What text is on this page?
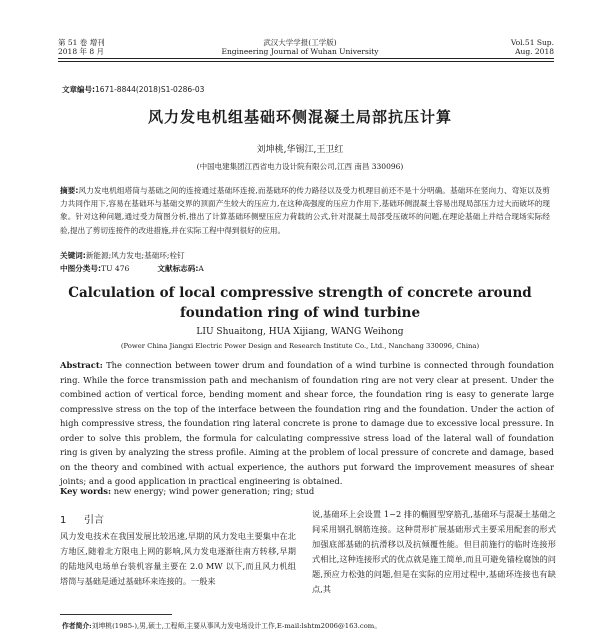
第 51 卷 增刊
2018 年 8 月
武汉大学学报(工学版)
Engineering Journal of Wuhan University
Vol.51 Sup.
Aug. 2018
文章编号:1671-8844(2018)S1-0286-03
风力发电机组基础环侧混凝土局部抗压计算
刘坤桃,华锡江,王卫红
(中国电建集团江西省电力设计院有限公司,江西 南昌 330096)
摘要:风力发电机组塔筒与基础之间的连接通过基础环连接,而基础环的传力路径以及受力机理目前还不是十分明确。基础环在竖向力、弯矩以及剪力共同作用下,容易在基础环与基础交界的顶面产生较大的压应力,在这种高强度的压应力作用下,基础环侧混凝土容易出现局部压力过大而破坏的现象。针对这种问题,通过受力简图分析,推出了计算基础环侧壁压应力荷载的公式,针对混凝土局部受压破坏的问题,在理论基础上并结合现场实际经验,提出了剪切连接件的改进措施,并在实际工程中得到很好的应用。
关键词:新能源;风力发电;基础环;栓钉
中图分类号:TU 476	文献标志码:A
Calculation of local compressive strength of concrete around
foundation ring of wind turbine
LIU Shuaitong, HUA Xijiang, WANG Weihong
(Power China Jiangxi Electric Power Design and Research Institute Co., Ltd., Nanchang 330096, China)
Abstract: The connection between tower drum and foundation of a wind turbine is connected through foundation ring. While the force transmission path and mechanism of foundation ring are not very clear at present. Under the combined action of vertical force, bending moment and shear force, the foundation ring is easy to generate large compressive stress on the top of the interface between the foundation ring and the foundation. Under the action of high compressive stress, the foundation ring lateral concrete is prone to damage due to excessive local pressure. In order to solve this problem, the formula for calculating compressive stress load of the lateral wall of foundation ring is given by analyzing the stress profile. Aiming at the problem of local pressure of concrete and damage, based on the theory and combined with actual experience, the authors put forward the improvement measures of shear joints; and a good application in practical engineering is obtained.
Key words: new energy; wind power generation; ring; stud
1 引言
风力发电技术在我国发展比较迅速,早期的风力发电主要集中在北方地区,随着北方限电上网的影响,风力发电逐渐往南方转移,早期的陆地风电场单台装机容量主要在 2.0 MW 以下,而且风力机组塔筒与基础是通过基础环来连接的。一般来
说,基础环上会设置 1~2 排的椭圆型穿筋孔,基础环与混凝土基础之间采用钢孔钢筋连接。这种贯形扩展基础形式主要采用配套的形式加强底部基础的抗滑移以及抗倾覆性能。但目前施行的临时连接形式相比,这种连接形式的优点就是施工简单,而且可避免锚栓腐蚀的问题,预应力松弛的问题,但是在实际的应用过程中,基础环连接也有缺点,其
作者简介:刘坤桃(1985-),男,硕士,工程师,主要从事风力发电场设计工作,E-mail:lshtm2006@163.com。
